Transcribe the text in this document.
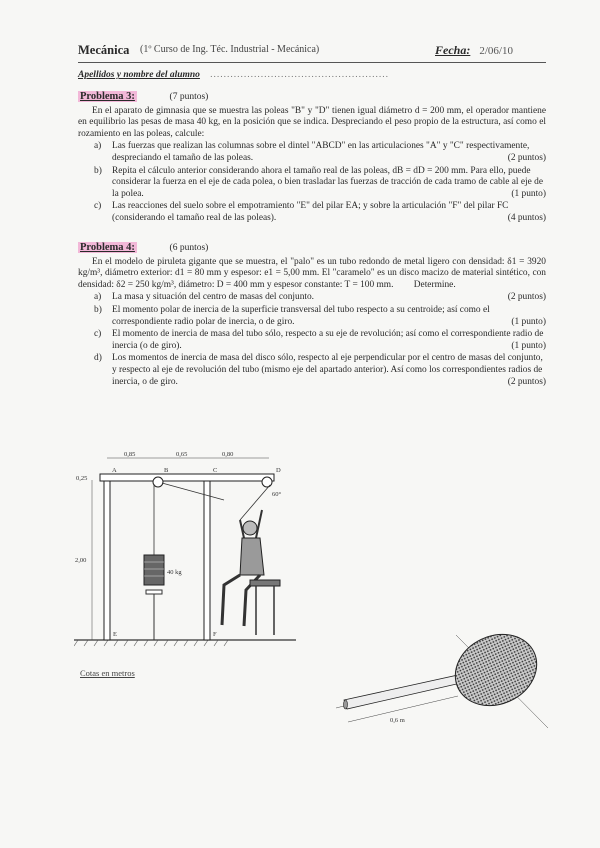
Mecánica (1º Curso de Ing. Téc. Industrial - Mecánica)	Fecha: 2/06/10
Apellidos y nombre del alumno .....................................................
Problema 3:	(7 puntos)

En el aparato de gimnasia que se muestra las poleas "B" y "D" tienen igual diámetro d = 200 mm, el operador mantiene en equilibrio las pesas de masa 40 kg, en la posición que se indica. Despreciando el peso propio de la estructura, así como el rozamiento en las poleas, calcule:

a) Las fuerzas que realizan las columnas sobre el dintel "ABCD" en las articulaciones "A" y "C" respectivamente, despreciando el tamaño de las poleas.	(2 puntos)
b) Repita el cálculo anterior considerando ahora el tamaño real de las poleas, dB = dD = 200 mm. Para ello, puede considerar la fuerza en el eje de cada polea, o bien trasladar las fuerzas de tracción de cada tramo de cable al eje de la polea.	(1 punto)
c) Las reacciones del suelo sobre el empotramiento "E" del pilar EA; y sobre la articulación "F" del pilar FC (considerando el tamaño real de las poleas).	(4 puntos)
Problema 4:	(6 puntos)

En el modelo de piruleta gigante que se muestra, el "palo" es un tubo redondo de metal ligero con densidad: δ1 = 3920 kg/m³, diámetro exterior: d1 = 80 mm y espesor: e1 = 5,00 mm. El "caramelo" es un disco macizo de material sintético, con densidad: δ2 = 250 kg/m³, diámetro: D = 400 mm y espesor constante: T = 100 mm. Determine.

a) La masa y situación del centro de masas del conjunto.	(2 puntos)
b) El momento polar de inercia de la superficie transversal del tubo respecto a su centroide; así como el correspondiente radio polar de inercia, o de giro.	(1 punto)
c) El momento de inercia de masa del tubo sólo, respecto a su eje de revolución; así como el correspondiente radio de inercia (o de giro).	(1 punto)
d) Los momentos de inercia de masa del disco sólo, respecto al eje perpendicular por el centro de masas del conjunto, y respecto al eje de revolución del tubo (mismo eje del apartado anterior). Así como los correspondientes radios de inercia, o de giro.	(2 puntos)
0,85	0,65	0,80
0,25
2,00
40 kg
60°
A	B	C	D
E	F
Cotas en metros
0,6 m
